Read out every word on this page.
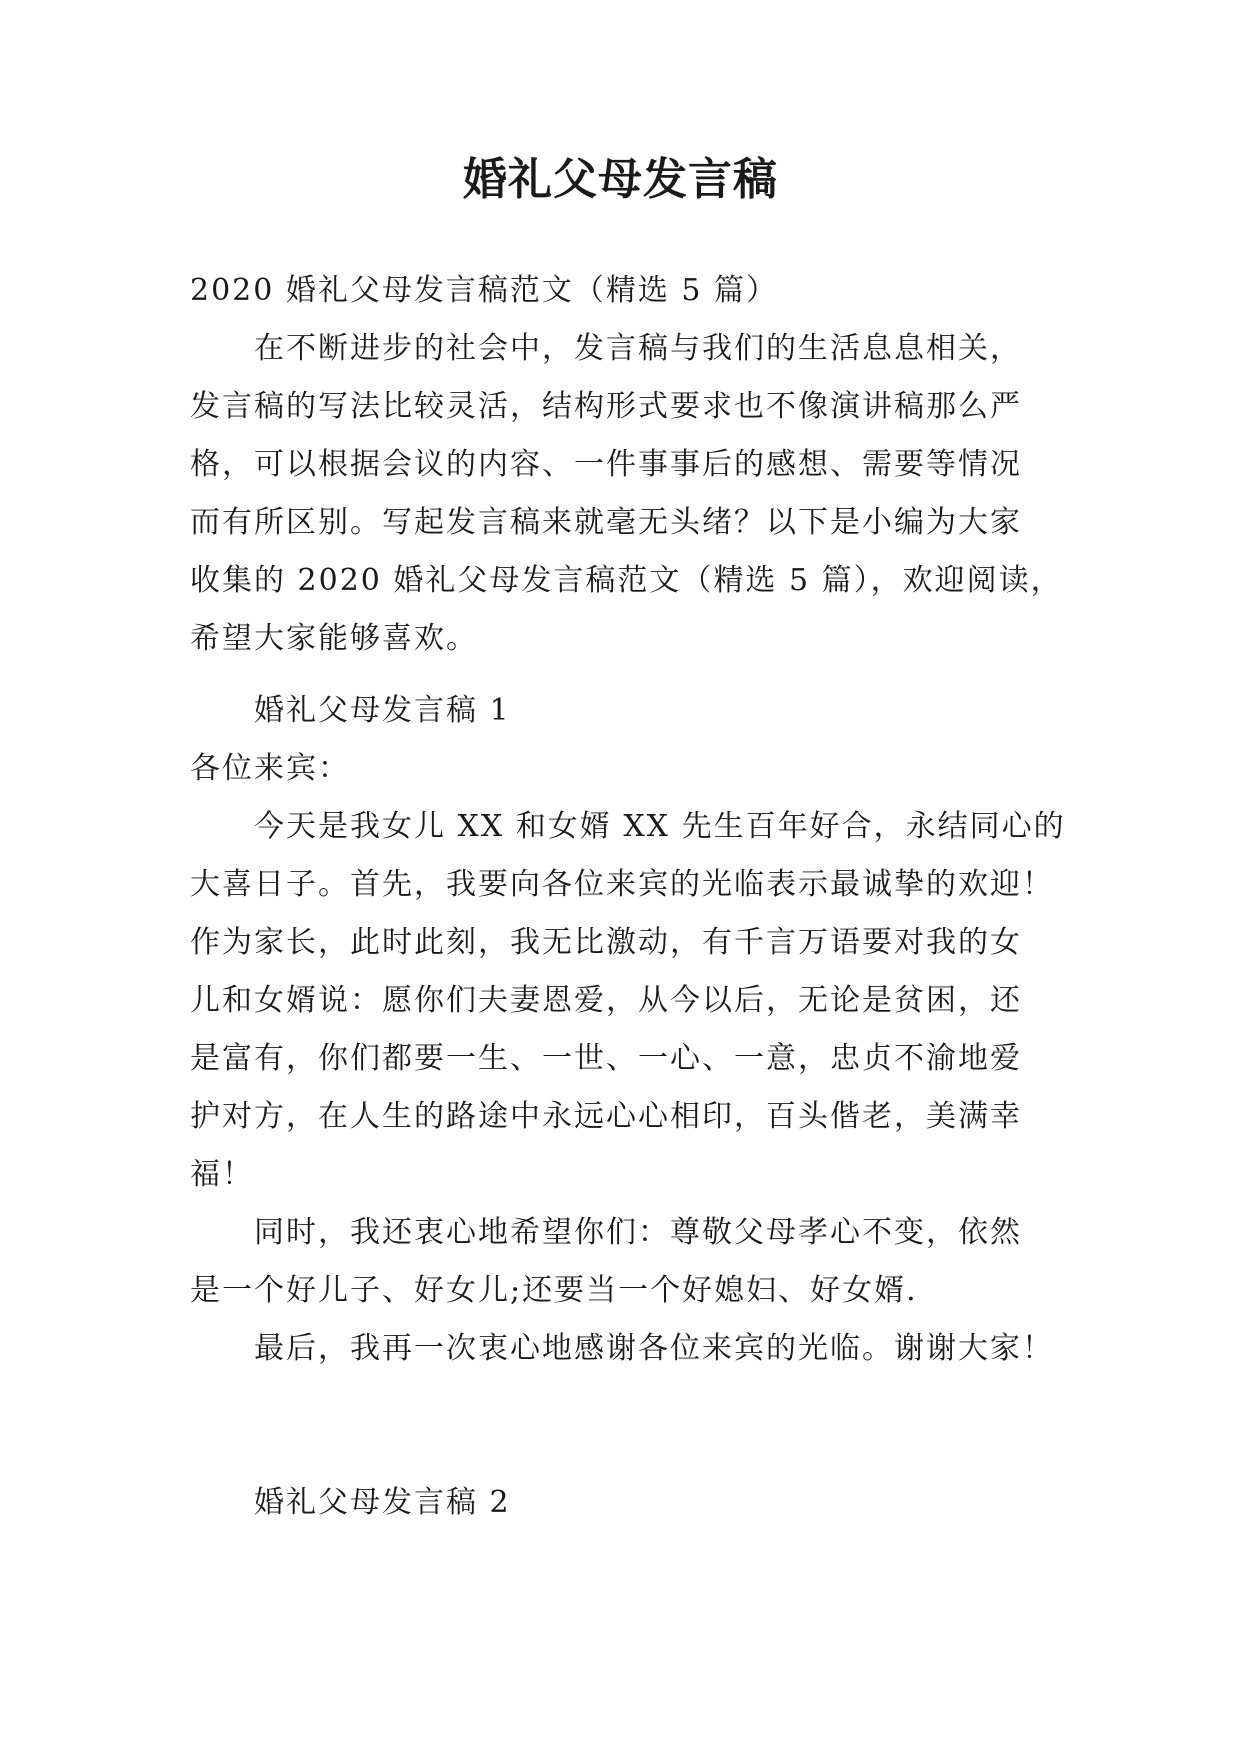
婚礼父母发言稿
2020 婚礼父母发言稿范文（精选 5 篇）
　　在不断进步的社会中，发言稿与我们的生活息息相关，
发言稿的写法比较灵活，结构形式要求也不像演讲稿那么严
格，可以根据会议的内容、一件事事后的感想、需要等情况
而有所区别。写起发言稿来就毫无头绪？以下是小编为大家
收集的 2020 婚礼父母发言稿范文（精选 5 篇），欢迎阅读，
希望大家能够喜欢。
　　婚礼父母发言稿 1
各位来宾：
　　今天是我女儿 XX 和女婿 XX 先生百年好合，永结同心的
大喜日子。首先，我要向各位来宾的光临表示最诚挚的欢迎！
作为家长，此时此刻，我无比激动，有千言万语要对我的女
儿和女婿说：愿你们夫妻恩爱，从今以后，无论是贫困，还
是富有，你们都要一生、一世、一心、一意，忠贞不渝地爱
护对方，在人生的路途中永远心心相印，百头偕老，美满幸
福！
　　同时，我还衷心地希望你们：尊敬父母孝心不变，依然
是一个好儿子、好女儿;还要当一个好媳妇、好女婿.
　　最后，我再一次衷心地感谢各位来宾的光临。谢谢大家！
　　婚礼父母发言稿 2
